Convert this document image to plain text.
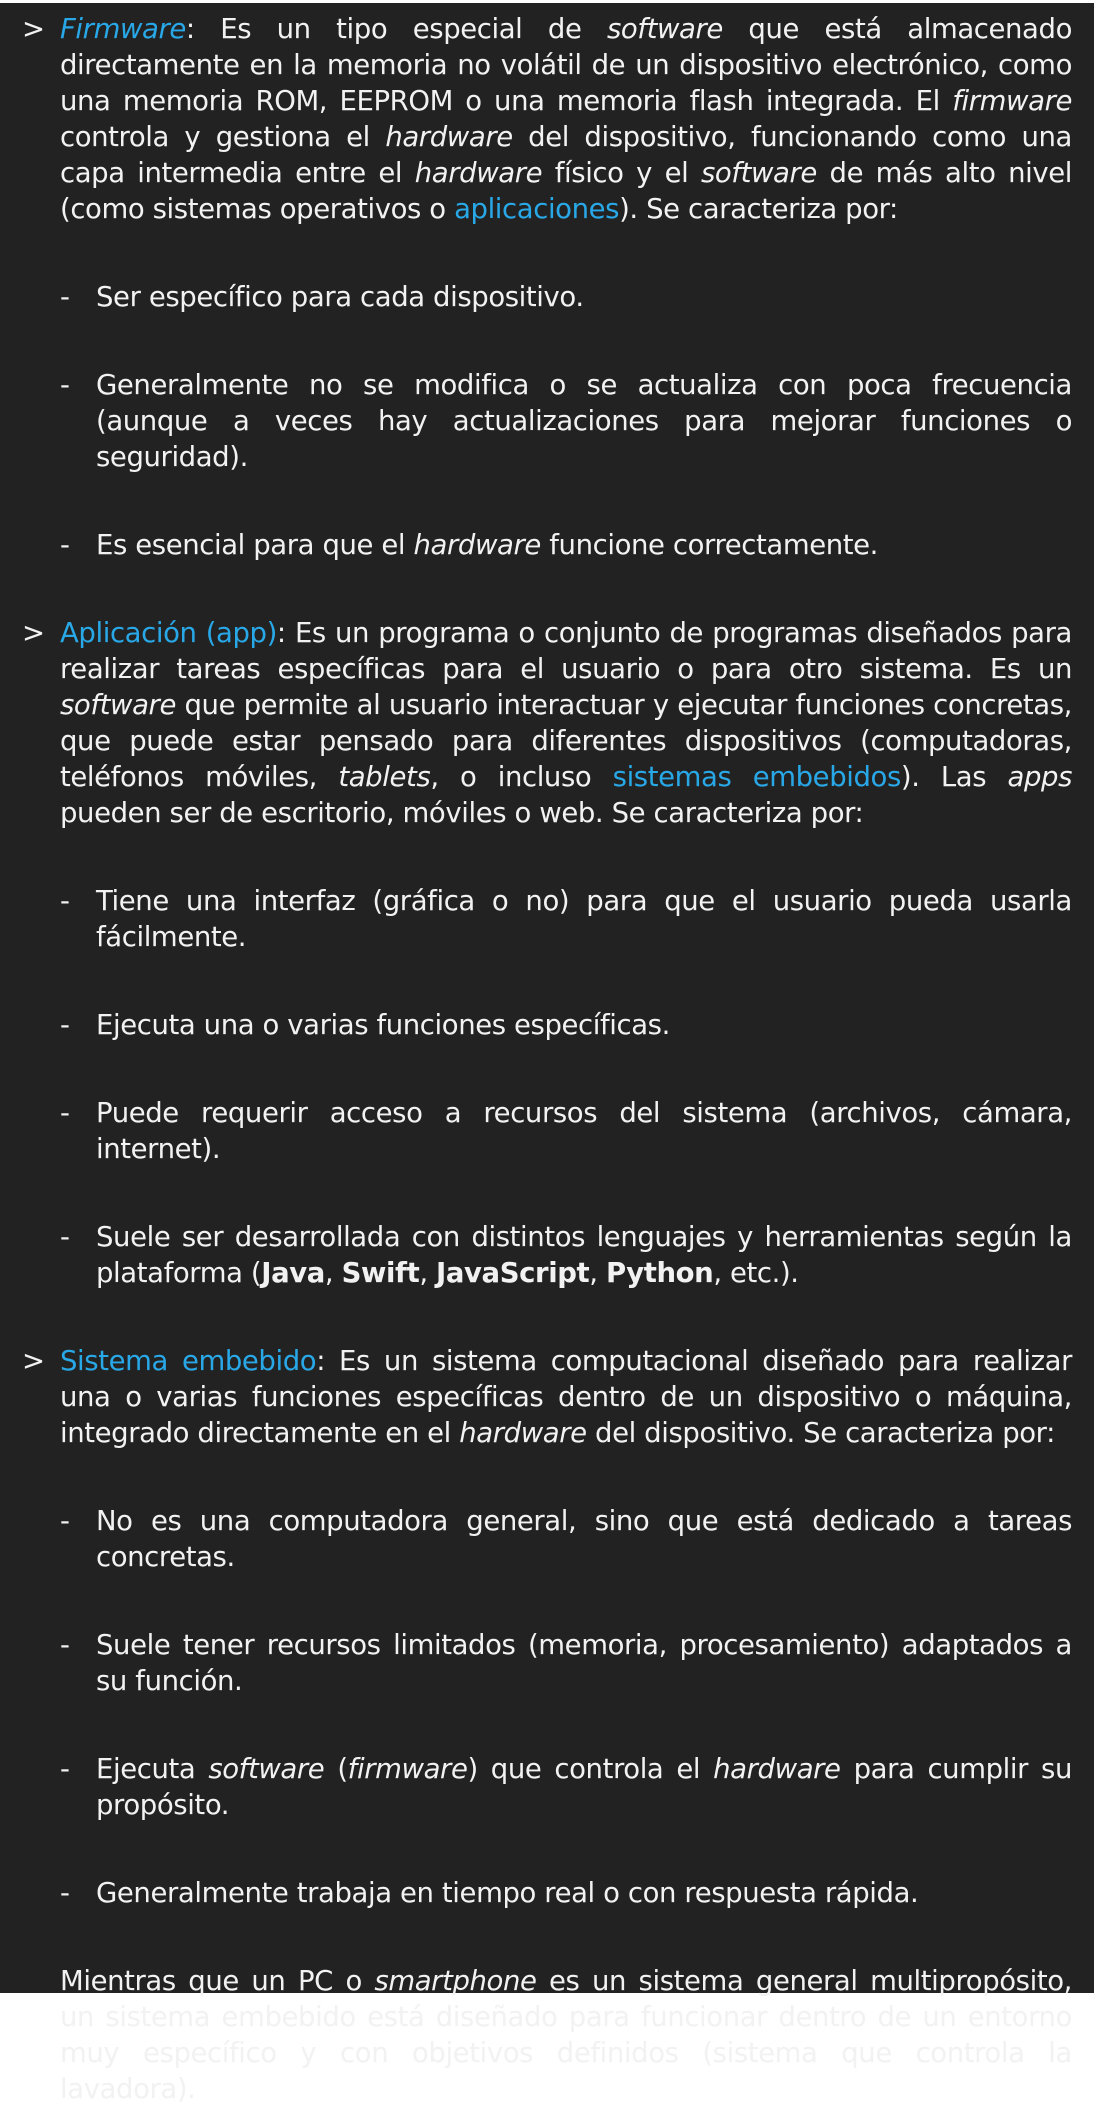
> Firmware: Es un tipo especial de software que está almacenado directamente en la memoria no volátil de un dispositivo electrónico, como una memoria ROM, EEPROM o una memoria flash integrada. El firmware controla y gestiona el hardware del dispositivo, funcionando como una capa intermedia entre el hardware físico y el software de más alto nivel (como sistemas operativos o aplicaciones). Se caracteriza por:

- Ser específico para cada dispositivo.

- Generalmente no se modifica o se actualiza con poca frecuencia (aunque a veces hay actualizaciones para mejorar funciones o seguridad).

- Es esencial para que el hardware funcione correctamente.

> Aplicación (app): Es un programa o conjunto de programas diseñados para realizar tareas específicas para el usuario o para otro sistema. Es un software que permite al usuario interactuar y ejecutar funciones concretas, que puede estar pensado para diferentes dispositivos (computadoras, teléfonos móviles, tablets, o incluso sistemas embebidos). Las apps pueden ser de escritorio, móviles o web. Se caracteriza por:

- Tiene una interfaz (gráfica o no) para que el usuario pueda usarla fácilmente.

- Ejecuta una o varias funciones específicas.

- Puede requerir acceso a recursos del sistema (archivos, cámara, internet).

- Suele ser desarrollada con distintos lenguajes y herramientas según la plataforma (Java, Swift, JavaScript, Python, etc.).

> Sistema embebido: Es un sistema computacional diseñado para realizar una o varias funciones específicas dentro de un dispositivo o máquina, integrado directamente en el hardware del dispositivo. Se caracteriza por:

- No es una computadora general, sino que está dedicado a tareas concretas.

- Suele tener recursos limitados (memoria, procesamiento) adaptados a su función.

- Ejecuta software (firmware) que controla el hardware para cumplir su propósito.

- Generalmente trabaja en tiempo real o con respuesta rápida.

Mientras que un PC o smartphone es un sistema general multipropósito, un sistema embebido está diseñado para funcionar dentro de un entorno muy específico y con objetivos definidos (sistema que controla la lavadora).
